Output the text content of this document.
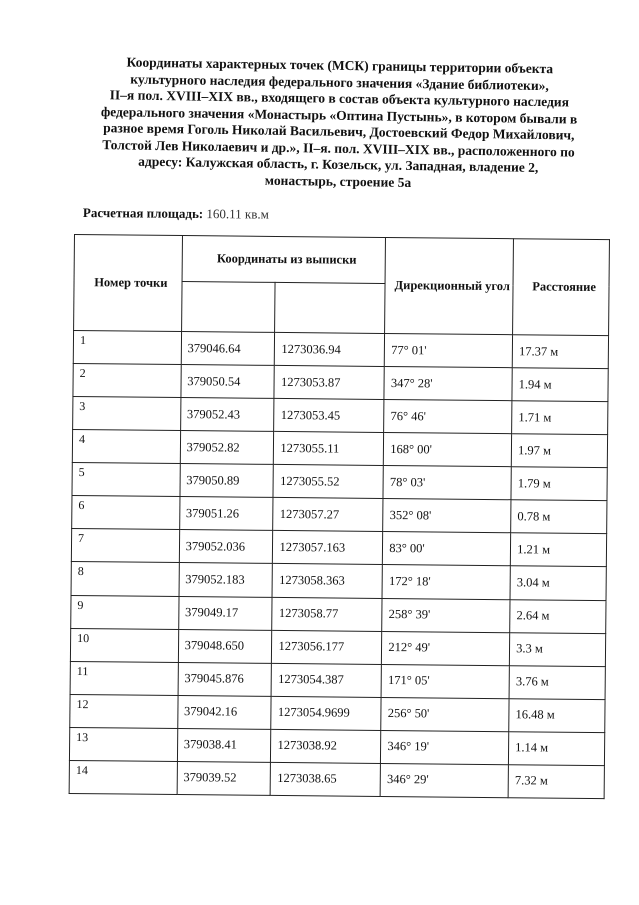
Координаты характерных точек (МСК) границы территории объекта
культурного наследия федерального значения «Здание библиотеки»,
II–я пол. XVIII–XIX вв., входящего в состав объекта культурного наследия
федерального значения «Монастырь «Оптина Пустынь», в котором бывали в
разное время Гоголь Николай Васильевич, Достоевский Федор Михайлович,
Толстой Лев Николаевич и др.», II–я. пол. XVIII–XIX вв., расположенного по
адресу: Калужская область, г. Козельск, ул. Западная, владение 2,
монастырь, строение 5а
Расчетная площадь: 160.11 кв.м
Номер точки	Координаты из выписки		Дирекционный угол	Расстояние

1	379046.64	1273036.94	77° 01'	17.37 м
2	379050.54	1273053.87	347° 28'	1.94 м
3	379052.43	1273053.45	76° 46'	1.71 м
4	379052.82	1273055.11	168° 00'	1.97 м
5	379050.89	1273055.52	78° 03'	1.79 м
6	379051.26	1273057.27	352° 08'	0.78 м
7	379052.036	1273057.163	83° 00'	1.21 м
8	379052.183	1273058.363	172° 18'	3.04 м
9	379049.17	1273058.77	258° 39'	2.64 м
10	379048.650	1273056.177	212° 49'	3.3 м
11	379045.876	1273054.387	171° 05'	3.76 м
12	379042.16	1273054.9699	256° 50'	16.48 м
13	379038.41	1273038.92	346° 19'	1.14 м
14	379039.52	1273038.65	346° 29'	7.32 м
